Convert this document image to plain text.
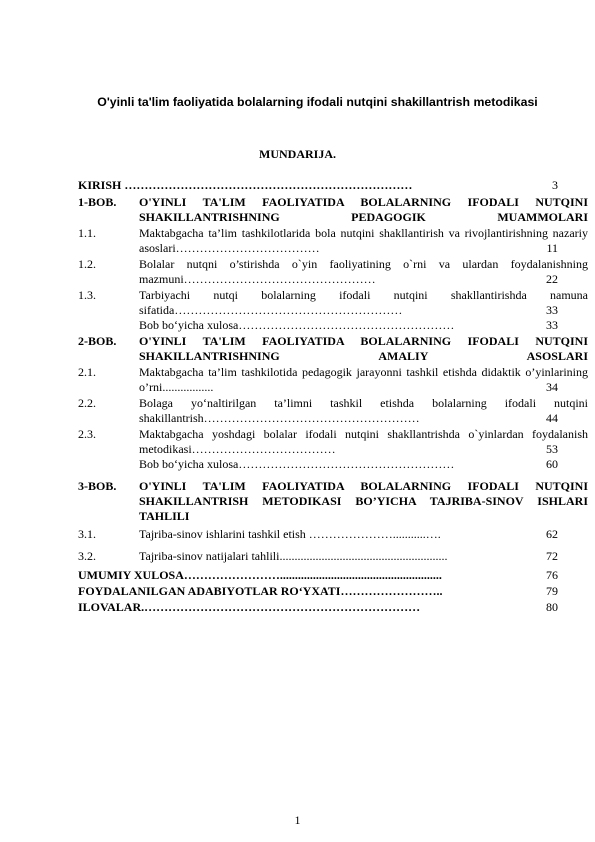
O'yinli ta'lim faoliyatida bolalarning ifodali nutqini shakillantrish metodikasi
MUNDARIJA.
KIRISH ………………………………………………………………	3
1-BOB. O'YINLI TA'LIM FAOLIYATIDA BOLALARNING IFODALI NUTQINI SHAKILLANTRISHNING PEDAGOGIK MUAMMOLARI
1.1.	Maktabgacha ta’lim tashkilotlarida bola nutqini shakllantirish va rivojlantirishning nazariy asoslari………………………………	11
1.2.	Bolalar nutqni o’stirishda o`yin faoliyatining o`rni va ulardan foydalanishning mazmuni…………………………………………	22
1.3.	Tarbiyachi nutqi bolalarning ifodali nutqini shakllantirishda namuna sifatida…………………………………………………	33
Bob bo‘yicha xulosa………………………………………………	33
2-BOB. O'YINLI TA'LIM FAOLIYATIDA BOLALARNING IFODALI NUTQINI SHAKILLANTRISHNING AMALIY ASOSLARI
2.1.	Maktabgacha ta’lim tashkilotida pedagogik jarayonni tashkil etishda didaktik o’yinlarining o’rni.................	34
2.2.	Bolaga yo‘naltirilgan ta’limni tashkil etishda bolalarning ifodali nutqini shakillantrish………………………………………………	44
2.3.	Maktabgacha yoshdagi bolalar ifodali nutqini shakllantrishda o`yinlardan foydalanish metodikasi………………………………	53
Bob bo‘yicha xulosa………………………………………………	60
3-BOB. O'YINLI TA'LIM FAOLIYATIDA BOLALARNING IFODALI NUTQINI SHAKILLANTRISH METODIKASI BO’YICHA TAJRIBA-SINOV ISHLARI TAHLILI
3.1.	Tajriba-sinov ishlarini tashkil etish …………………...........….	62
3.2.	Tajriba-sinov natijalari tahlili........................................................	72
UMUMIY XULOSA……………………......................................................	76
FOYDALANILGAN ADABIYOTLAR RO‘YXATI……………………..	79
ILOVALAR.……………………………………………………………	80
1
